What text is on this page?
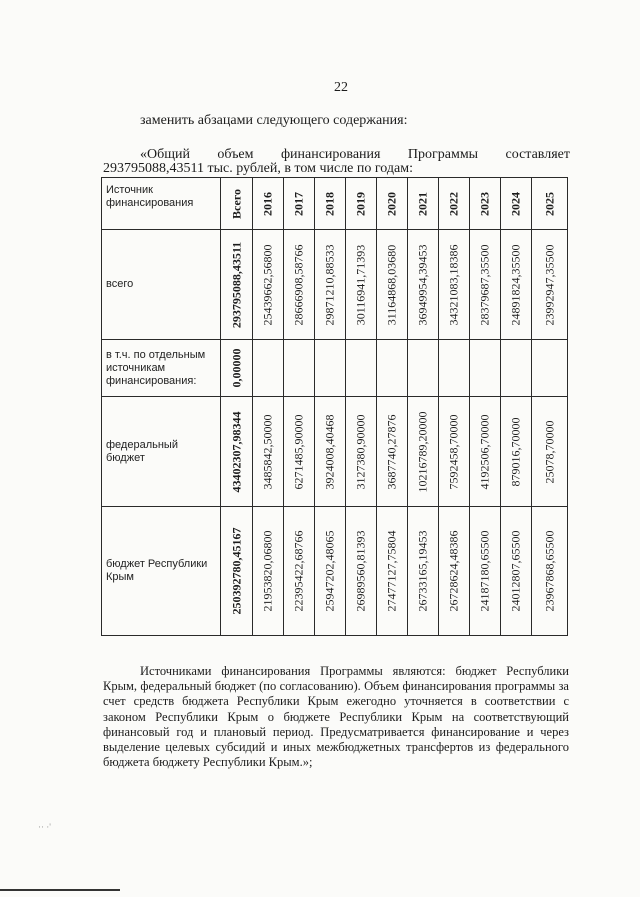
22
заменить абзацами следующего содержания:
«Общий объем финансирования Программы составляет
293795088,43511 тыс. рублей, в том числе по годам:
Источник финансирования	Всего	2016	2017	2018	2019	2020	2021	2022	2023	2024	2025

всего	293795088,43511	25439662,56800	28666908,58766	29871210,88533	30116941,71393	31164868,03680	36949954,39453	34321083,18386	28379687,35500	24891824,35500	23992947,35500

в т.ч. по отдельным источникам финансирования:	0,00000										

федеральный бюджет	43402307,98344	3485842,50000	6271485,90000	3924008,40468	3127380,90000	3687740,27876	10216789,20000	7592458,70000	4192506,70000	879016,70000	25078,70000

бюджет Республики Крым	250392780,45167	21953820,06800	22395422,68766	25947202,48065	26989560,81393	27477127,75804	26733165,19453	26728624,48386	24187180,65500	24012807,65500	23967868,65500
Источниками финансирования Программы являются: бюджет Республики Крым, федеральный бюджет (по согласованию). Объем финансирования программы за счет средств бюджета Республики Крым ежегодно уточняется в соответствии с законом Республики Крым о бюджете Республики Крым на соответствующий финансовый год и плановый период. Предусматривается финансирование и через выделение целевых субсидий и иных межбюджетных трансфертов из федерального бюджета бюджету Республики Крым.»;
·· ·'
